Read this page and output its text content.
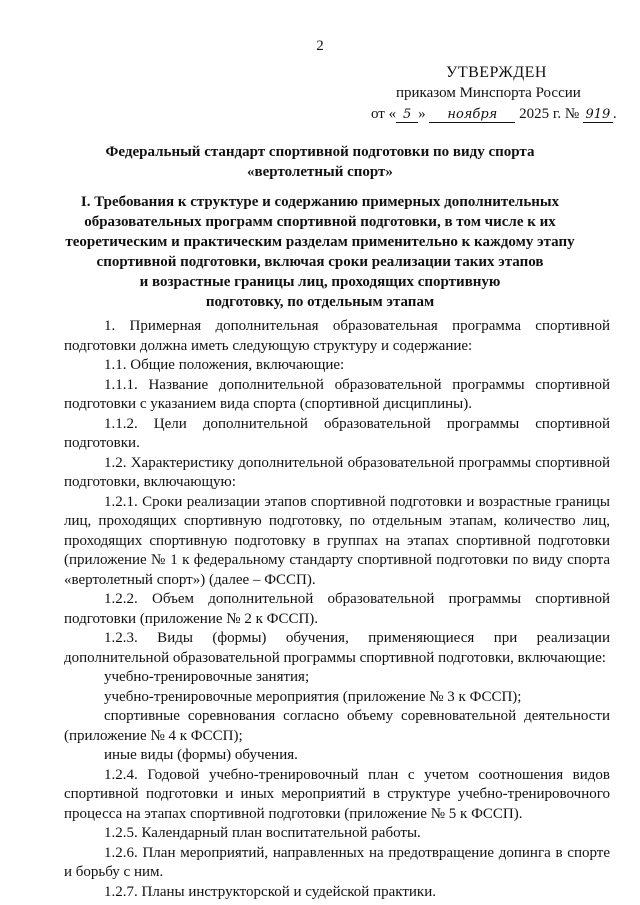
2
УТВЕРЖДЕН
приказом Минспорта России
от « 5 » ноября 2025 г. № 919 .
Федеральный стандарт спортивной подготовки по виду спорта
«вертолетный спорт»
I. Требования к структуре и содержанию примерных дополнительных
образовательных программ спортивной подготовки, в том числе к их
теоретическим и практическим разделам применительно к каждому этапу
спортивной подготовки, включая сроки реализации таких этапов
и возрастные границы лиц, проходящих спортивную
подготовку, по отдельным этапам

1. Примерная дополнительная образовательная программа спортивной подготовки должна иметь следующую структуру и содержание:

1.1. Общие положения, включающие:

1.1.1. Название дополнительной образовательной программы спортивной подготовки с указанием вида спорта (спортивной дисциплины).

1.1.2. Цели дополнительной образовательной программы спортивной подготовки.

1.2. Характеристику дополнительной образовательной программы спортивной подготовки, включающую:

1.2.1. Сроки реализации этапов спортивной подготовки и возрастные границы лиц, проходящих спортивную подготовку, по отдельным этапам, количество лиц, проходящих спортивную подготовку в группах на этапах спортивной подготовки (приложение № 1 к федеральному стандарту спортивной подготовки по виду спорта «вертолетный спорт») (далее – ФССП).

1.2.2. Объем дополнительной образовательной программы спортивной подготовки (приложение № 2 к ФССП).

1.2.3. Виды (формы) обучения, применяющиеся при реализации дополнительной образовательной программы спортивной подготовки, включающие:

учебно-тренировочные занятия;

учебно-тренировочные мероприятия (приложение № 3 к ФССП);

спортивные соревнования согласно объему соревновательной деятельности (приложение № 4 к ФССП);

иные виды (формы) обучения.

1.2.4. Годовой учебно-тренировочный план с учетом соотношения видов спортивной подготовки и иных мероприятий в структуре учебно-тренировочного процесса на этапах спортивной подготовки (приложение № 5 к ФССП).

1.2.5. Календарный план воспитательной работы.

1.2.6. План мероприятий, направленных на предотвращение допинга в спорте и борьбу с ним.

1.2.7. Планы инструкторской и судейской практики.
